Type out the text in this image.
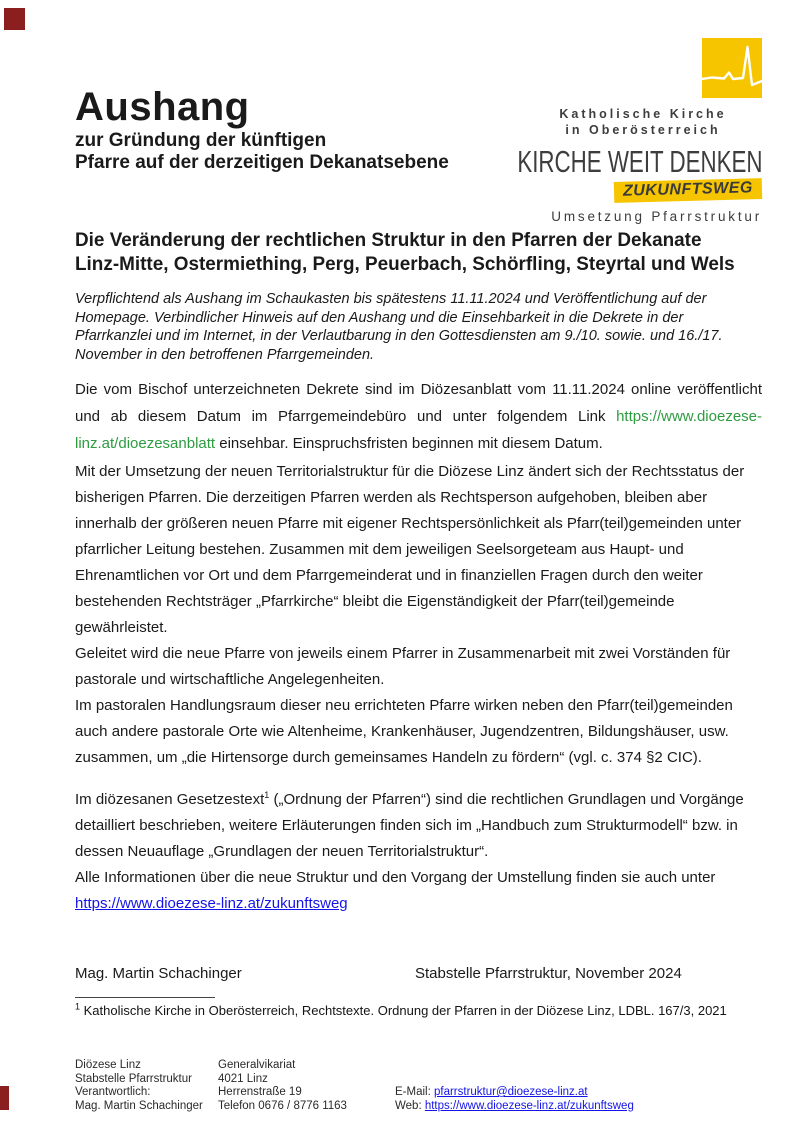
Aushang
zur Gründung der künftigen
Pfarre auf der derzeitigen Dekanatsebene
Katholische Kirche
in Oberösterreich
KIRCHE WEIT DENKEN
ZUKUNFTSWEG
Umsetzung Pfarrstruktur
Die Veränderung der rechtlichen Struktur in den Pfarren der Dekanate
Linz-Mitte, Ostermiething, Perg, Peuerbach, Schörfling, Steyrtal und Wels
Verpflichtend als Aushang im Schaukasten bis spätestens 11.11.2024 und Veröffentlichung auf der Homepage. Verbindlicher Hinweis auf den Aushang und die Einsehbarkeit in die Dekrete in der Pfarrkanzlei und im Internet, in der Verlautbarung in den Gottesdiensten am 9./10. sowie. und 16./17. November in den betroffenen Pfarrgemeinden.
Die vom Bischof unterzeichneten Dekrete sind im Diözesanblatt vom 11.11.2024 online veröffentlicht und ab diesem Datum im Pfarrgemeindebüro und unter folgendem Link https://www.dioezese-linz.at/dioezesanblatt einsehbar. Einspruchsfristen beginnen mit diesem Datum.

Mit der Umsetzung der neuen Territorialstruktur für die Diözese Linz ändert sich der Rechtsstatus der bisherigen Pfarren. Die derzeitigen Pfarren werden als Rechtsperson aufgehoben, bleiben aber innerhalb der größeren neuen Pfarre mit eigener Rechtspersönlichkeit als Pfarr(teil)gemeinden unter pfarrlicher Leitung bestehen. Zusammen mit dem jeweiligen Seelsorgeteam aus Haupt- und Ehrenamtlichen vor Ort und dem Pfarrgemeinderat und in finanziellen Fragen durch den weiter bestehenden Rechtsträger „Pfarrkirche“ bleibt die Eigenständigkeit der Pfarr(teil)gemeinde gewährleistet.

Geleitet wird die neue Pfarre von jeweils einem Pfarrer in Zusammenarbeit mit zwei Vorständen für pastorale und wirtschaftliche Angelegenheiten.

Im pastoralen Handlungsraum dieser neu errichteten Pfarre wirken neben den Pfarr(teil)gemeinden auch andere pastorale Orte wie Altenheime, Krankenhäuser, Jugendzentren, Bildungshäuser, usw. zusammen, um „die Hirtensorge durch gemeinsames Handeln zu fördern“ (vgl. c. 374 §2 CIC).

Im diözesanen Gesetzestext$^1$ („Ordnung der Pfarren“) sind die rechtlichen Grundlagen und Vorgänge detailliert beschrieben, weitere Erläuterungen finden sich im „Handbuch zum Strukturmodell“ bzw. in dessen Neuauflage „Grundlagen der neuen Territorialstruktur“.

Alle Informationen über die neue Struktur und den Vorgang der Umstellung finden sie auch unter

https://www.dioezese-linz.at/zukunftsweg

Mag. Martin Schachinger	Stabstelle Pfarrstruktur, November 2024
$^1$ Katholische Kirche in Oberösterreich, Rechtstexte. Ordnung der Pfarren in der Diözese Linz, LDBL. 167/3, 2021
Diözese Linz
Stabstelle Pfarrstruktur
Verantwortlich:
Mag. Martin Schachinger
Generalvikariat
4021 Linz
Herrenstraße 19
Telefon 0676 / 8776 1163
E-Mail: pfarrstruktur@dioezese-linz.at
Web: https://www.dioezese-linz.at/zukunftsweg
